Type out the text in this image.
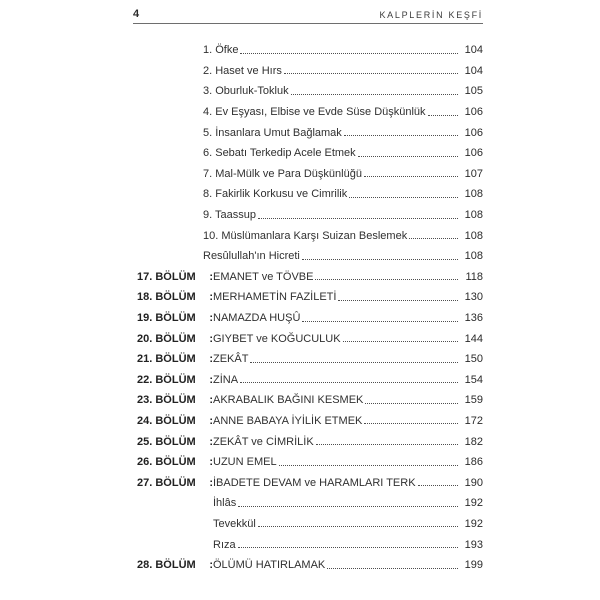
4	KALPLERİN KEŞFİ
1. Öfke	104
2. Haset ve Hırs	104
3. Oburluk-Tokluk	105
4. Ev Eşyası, Elbise ve Evde Süse Düşkünlük	106
5. İnsanlara Umut Bağlamak	106
6. Sebatı Terkedip Acele Etmek	106
7. Mal-Mülk ve Para Düşkünlüğü	107
8. Fakirlik Korkusu ve Cimrilik	108
9. Taassup	108
10. Müslümanlara Karşı Suizan Beslemek	108
Resûlullah'ın Hicreti	108
17. BÖLÜM : EMANET ve TÖVBE	118
18. BÖLÜM : MERHAMETİN FAZİLETİ	130
19. BÖLÜM : NAMAZDA HUŞÛ	136
20. BÖLÜM : GIYBET ve KOĞUCULUK	144
21. BÖLÜM : ZEKÂT	150
22. BÖLÜM : ZİNA	154
23. BÖLÜM : AKRABALIK BAĞINI KESMEK	159
24. BÖLÜM : ANNE BABAYA İYİLİK ETMEK	172
25. BÖLÜM : ZEKÂT ve CİMRİLİK	182
26. BÖLÜM : UZUN EMEL	186
27. BÖLÜM : İBADETE DEVAM ve HARAMLARI TERK	190
İhlâs	192
Tevekkül	192
Rıza	193
28. BÖLÜM : ÖLÜMÜ HATIRLAMAK	199
